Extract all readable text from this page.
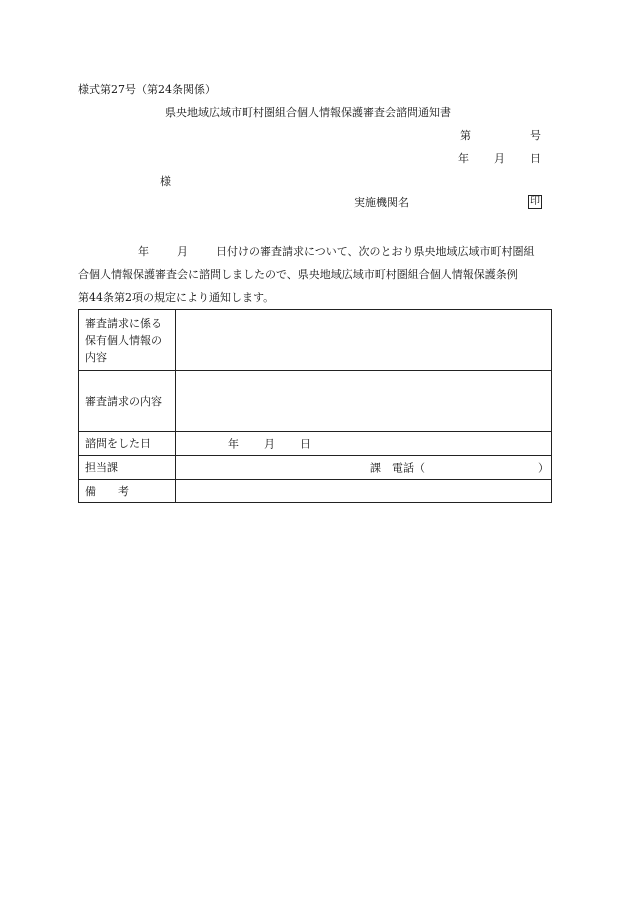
様式第27号（第24条関係）
県央地域広域市町村圏組合個人情報保護審査会諮問通知書
第	号
年 月 日
様
実施機関名	印
年	月	日付けの審査請求について、次のとおり県央地域広域市町村圏組
合個人情報保護審査会に諮問しましたので、県央地域広域市町村圏組合個人情報保護条例
第44条第2項の規定により通知します。
審査請求に係る
保有個人情報の
内容	

審査請求の内容	
諮問をした日	年 月 日

担当課	課 電話（ ）

備　　考	
